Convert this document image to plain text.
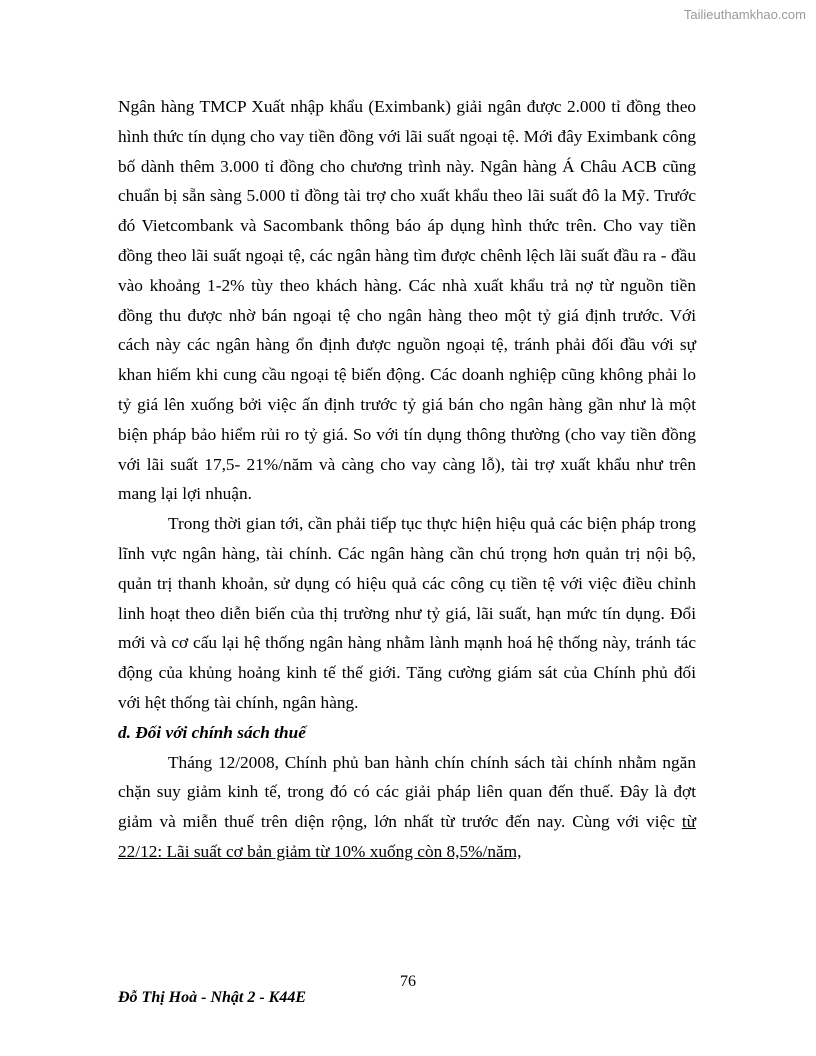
Tailieuthamkhao.com

Ngân hàng TMCP Xuất nhập khẩu (Eximbank) giải ngân được 2.000 tỉ đồng theo hình thức tín dụng cho vay tiền đồng với lãi suất ngoại tệ. Mới đây Eximbank công bố dành thêm 3.000 tỉ đồng cho chương trình này. Ngân hàng Á Châu ACB cũng chuẩn bị sẵn sàng 5.000 tỉ đồng tài trợ cho xuất khẩu theo lãi suất đô la Mỹ. Trước đó Vietcombank và Sacombank thông báo áp dụng hình thức trên. Cho vay tiền đồng theo lãi suất ngoại tệ, các ngân hàng tìm được chênh lệch lãi suất đầu ra - đầu vào khoảng 1-2% tùy theo khách hàng. Các nhà xuất khẩu trả nợ từ nguồn tiền đồng thu được nhờ bán ngoại tệ cho ngân hàng theo một tỷ giá định trước. Với cách này các ngân hàng ổn định được nguồn ngoại tệ, tránh phải đối đầu với sự khan hiếm khi cung cầu ngoại tệ biến động. Các doanh nghiệp cũng không phải lo tỷ giá lên xuống bởi việc ấn định trước tỷ giá bán cho ngân hàng gần như là một biện pháp bảo hiểm rủi ro tỷ giá. So với tín dụng thông thường (cho vay tiền đồng với lãi suất 17,5- 21%/năm và càng cho vay càng lỗ), tài trợ xuất khẩu như trên mang lại lợi nhuận.

Trong thời gian tới, cần phải tiếp tục thực hiện hiệu quả các biện pháp trong lĩnh vực ngân hàng, tài chính. Các ngân hàng cần chú trọng hơn quản trị nội bộ, quản trị thanh khoản, sử dụng có hiệu quả các công cụ tiền tệ với việc điều chỉnh linh hoạt theo diễn biến của thị trường như tỷ giá, lãi suất, hạn mức tín dụng. Đổi mới và cơ cấu lại hệ thống ngân hàng nhằm lành mạnh hoá hệ thống này, tránh tác động của khủng hoảng kinh tế thế giới. Tăng cường giám sát của Chính phủ đối với hệt thống tài chính, ngân hàng.

d. Đối với chính sách thuế

Tháng 12/2008, Chính phủ ban hành chín chính sách tài chính nhằm ngăn chặn suy giảm kinh tế, trong đó có các giải pháp liên quan đến thuế. Đây là đợt giảm và miễn thuế trên diện rộng, lớn nhất từ trước đến nay. Cùng với việc từ 22/12: Lãi suất cơ bản giảm từ 10% xuống còn 8,5%/năm,

76
Đỗ Thị Hoà - Nhật 2 - K44E
